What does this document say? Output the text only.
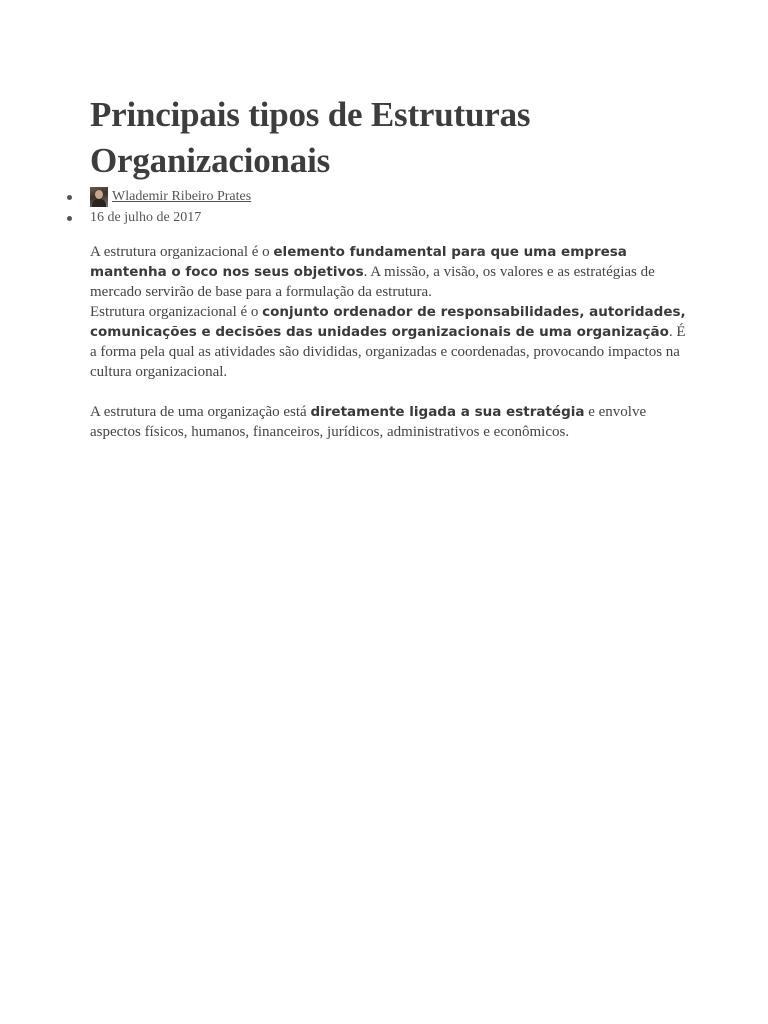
Principais tipos de Estruturas Organizacionais
Wlademir Ribeiro Prates
16 de julho de 2017

A estrutura organizacional é o elemento fundamental para que uma empresa mantenha o foco nos seus objetivos. A missão, a visão, os valores e as estratégias de mercado servirão de base para a formulação da estrutura.

Estrutura organizacional é o conjunto ordenador de responsabilidades, autoridades, comunicações e decisões das unidades organizacionais de uma organização. É a forma pela qual as atividades são divididas, organizadas e coordenadas, provocando impactos na cultura organizacional.

A estrutura de uma organização está diretamente ligada a sua estratégia e envolve aspectos físicos, humanos, financeiros, jurídicos, administrativos e econômicos.
